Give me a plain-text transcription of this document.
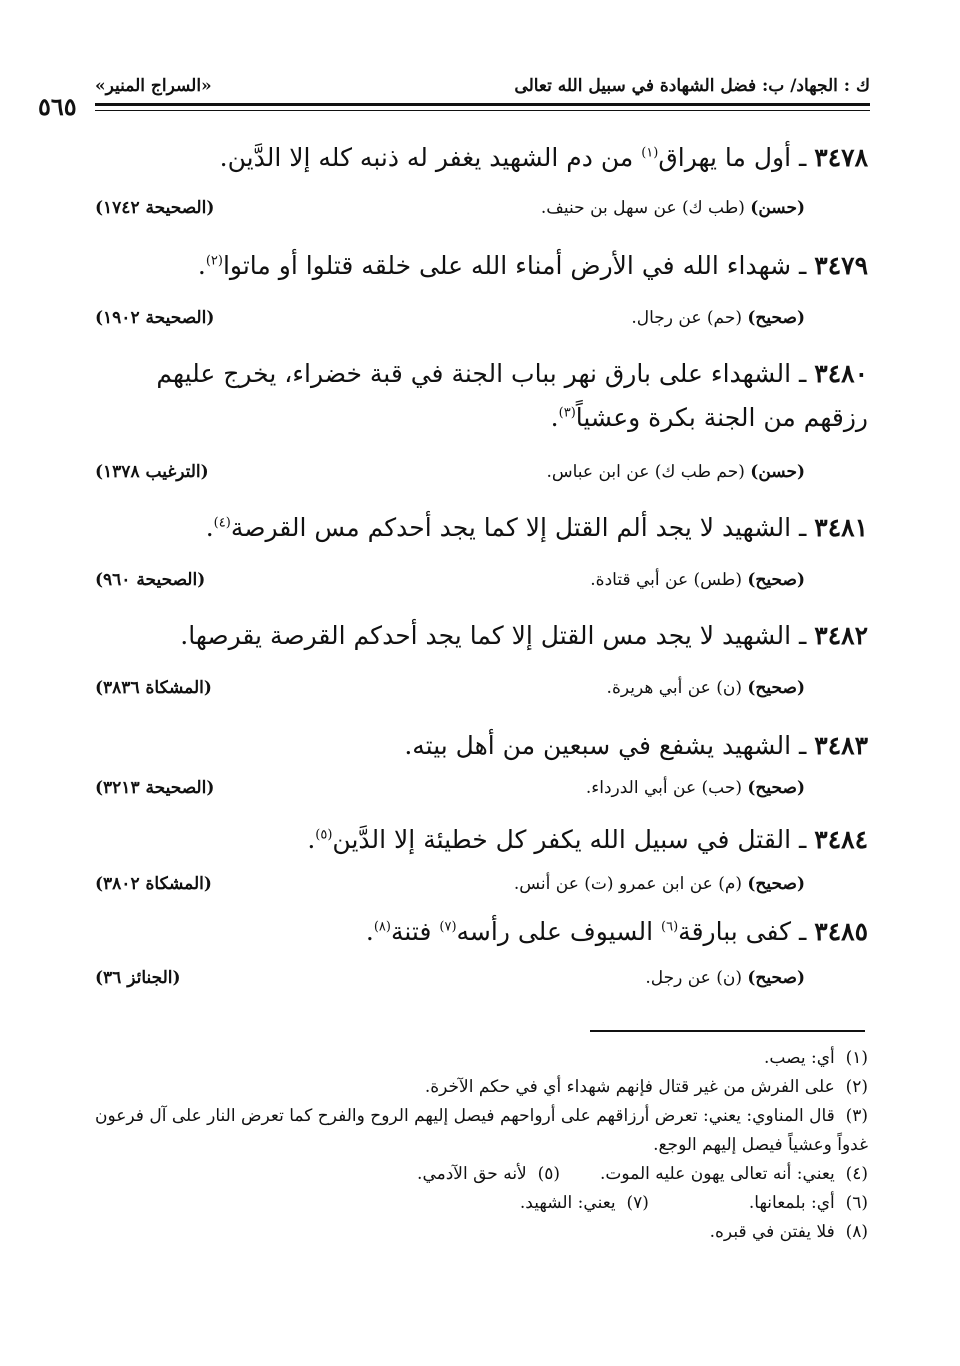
ك : الجهاد/ ب: فضل الشهادة في سبيل الله تعالى
«السراج المنير»
٥٦٥
٣٤٧٨ ـ أول ما يهراق$^{(١)}$ من دم الشهيد يغفر له ذنبه كله إلا الدَّين.
(حسن) (طب ك) عن سهل بن حنيف.
(الصحيحة ١٧٤٢)
٣٤٧٩ ـ شهداء الله في الأرض أمناء الله على خلقه قتلوا أو ماتوا$^{(٢)}$.
(صحيح) (حم) عن رجال.
(الصحيحة ١٩٠٢)
٣٤٨٠ ـ الشهداء على بارق نهر بباب الجنة في قبة خضراء، يخرج عليهم رزقهم من الجنة بكرة وعشياً$^{(٣)}$.
(حسن) (حم طب ك) عن ابن عباس.
(الترغيب ١٣٧٨)
٣٤٨١ ـ الشهيد لا يجد ألم القتل إلا كما يجد أحدكم مس القرصة$^{(٤)}$.
(صحيح) (طس) عن أبي قتادة.
(الصحيحة ٩٦٠)
٣٤٨٢ ـ الشهيد لا يجد مس القتل إلا كما يجد أحدكم القرصة يقرصها.
(صحيح) (ن) عن أبي هريرة.
(المشكاة ٣٨٣٦)
٣٤٨٣ ـ الشهيد يشفع في سبعين من أهل بيته.
(صحيح) (حب) عن أبي الدرداء.
(الصحيحة ٣٢١٣)
٣٤٨٤ ـ القتل في سبيل الله يكفر كل خطيئة إلا الدَّين$^{(٥)}$.
(صحيح) (م) عن ابن عمرو (ت) عن أنس.
(المشكاة ٣٨٠٢)
٣٤٨٥ ـ كفى ببارقة$^{(٦)}$ السيوف على رأسه$^{(٧)}$ فتنة$^{(٨)}$.
(صحيح) (ن) عن رجل.
(الجنائز ٣٦)
(١)  أي: يصب.
(٢)  على الفرش من غير قتال فإنهم شهداء أي في حكم الآخرة.
(٣)  قال المناوي: يعني: تعرض أرزاقهم على أرواحهم فيصل إليهم الروح والفرح كما تعرض النار على آل فرعون غدواً وعشياً فيصل إليهم الوجع.
(٤)  يعني: أنه تعالى يهون عليه الموت.
(٥)  لأنه حق الآدمي.
(٦)  أي: بلمعانها.
(٧)  يعني: الشهيد.
(٨)  فلا يفتن في قبره.
